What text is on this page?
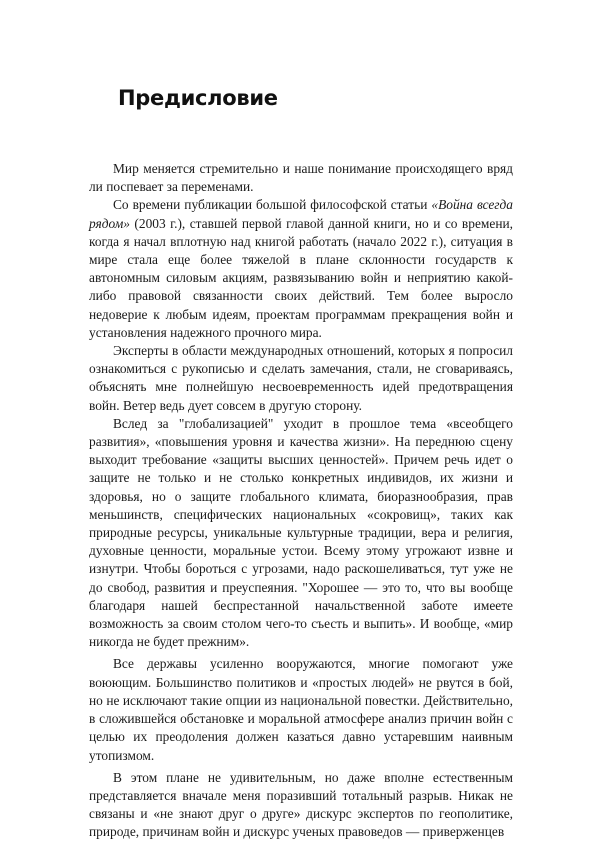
Предисловие

Мир меняется стремительно и наше понимание происходящего вряд ли поспевает за переменами.

Со времени публикации большой философской статьи «Война всегда рядом» (2003 г.), ставшей первой главой данной книги, но и со времени, когда я начал вплотную над книгой работать (начало 2022 г.), ситуация в мире стала еще более тяжелой в плане склонности государств к автономным силовым акциям, развязыванию войн и неприятию какой-либо правовой связанности своих действий. Тем более выросло недоверие к любым идеям, проектам программам прекращения войн и установления надежного прочного мира.

Эксперты в области международных отношений, которых я попросил ознакомиться с рукописью и сделать замечания, стали, не сговариваясь, объяснять мне полнейшую несвоевременность идей предотвращения войн. Ветер ведь дует совсем в другую сторону.

Вслед за "глобализацией" уходит в прошлое тема «всеобщего развития», «повышения уровня и качества жизни». На переднюю сцену выходит требование «защиты высших ценностей». Причем речь идет о защите не только и не столько конкретных индивидов, их жизни и здоровья, но о защите глобального климата, биоразнообразия, прав меньшинств, специфических национальных «сокровищ», таких как природные ресурсы, уникальные культурные традиции, вера и религия, духовные ценности, моральные устои. Всему этому угрожают извне и изнутри. Чтобы бороться с угрозами, надо раскошеливаться, тут уже не до свобод, развития и преуспеяния. "Хорошее — это то, что вы вообще благодаря нашей беспрестанной начальственной заботе имеете возможность за своим столом чего-то съесть и выпить». И вообще, «мир никогда не будет прежним».

Все державы усиленно вооружаются, многие помогают уже воюющим. Большинство политиков и «простых людей» не рвутся в бой, но не исключают такие опции из национальной повестки. Действительно, в сложившейся обстановке и моральной атмосфере анализ причин войн с целью их преодоления должен казаться давно устаревшим наивным утопизмом.

В этом плане не удивительным, но даже вполне естественным представляется вначале меня поразивший тотальный разрыв. Никак не связаны и «не знают друг о друге» дискурс экспертов по геополитике, природе, причинам войн и дискурс ученых правоведов — приверженцев
